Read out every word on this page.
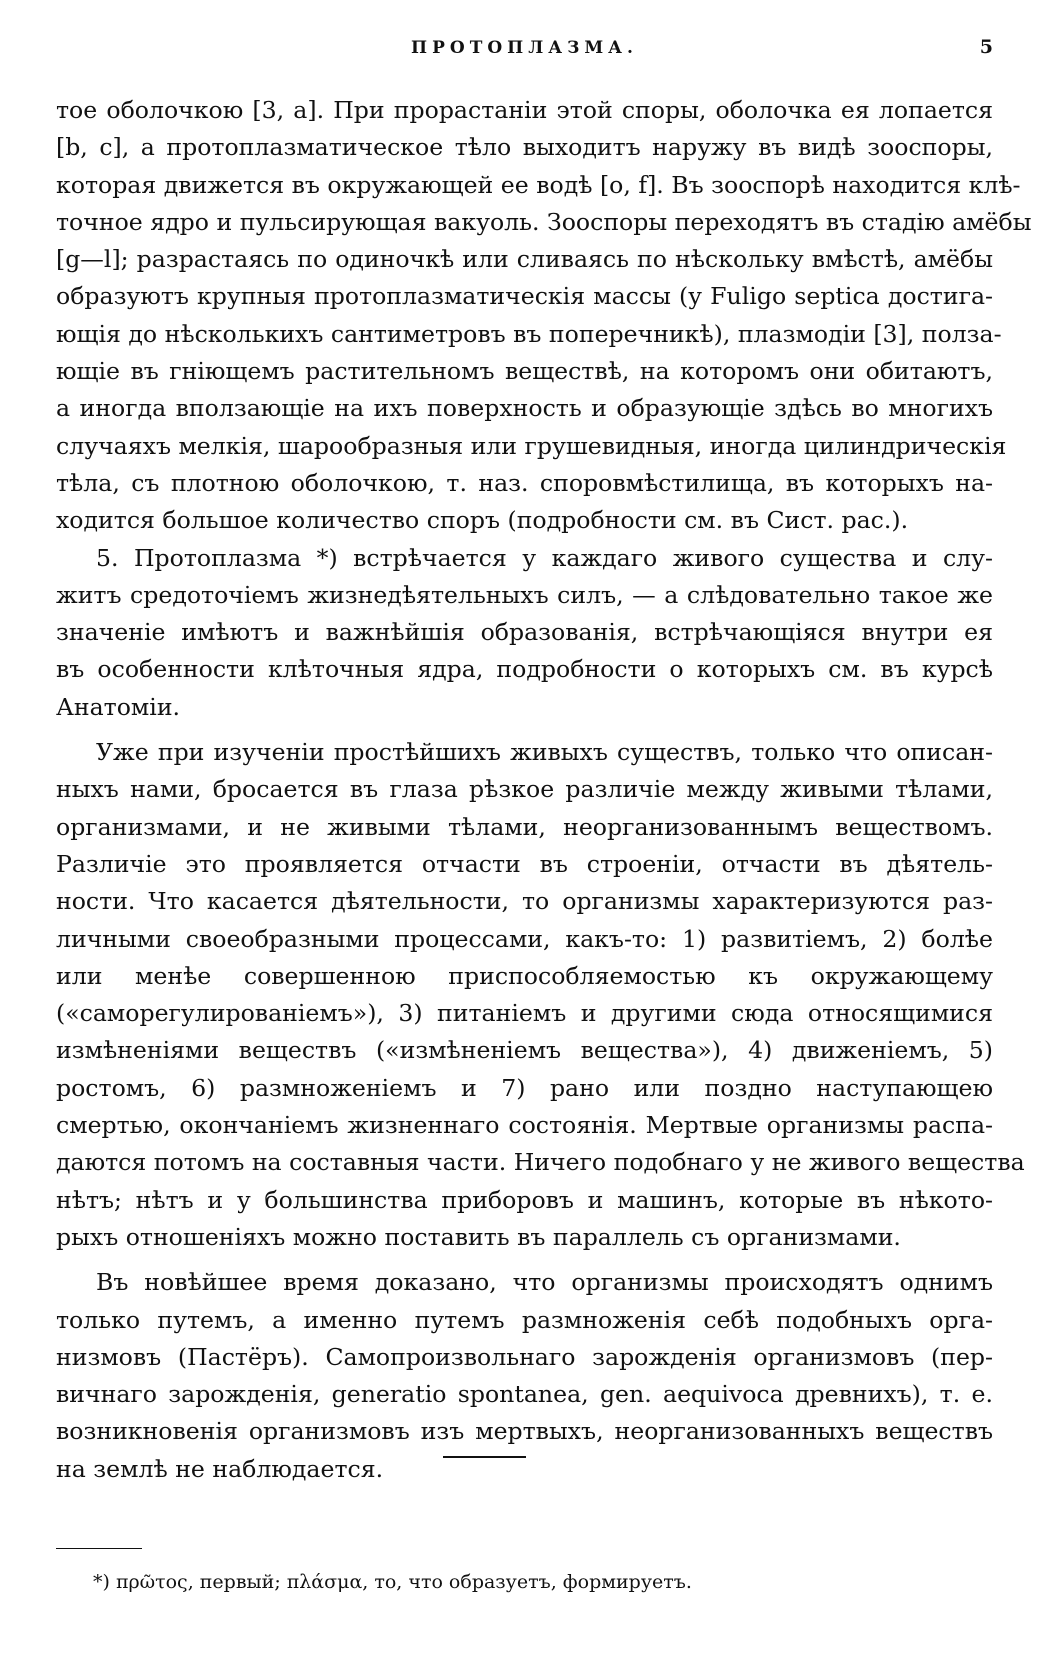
ПРОТОПЛАЗМА.	5
тое оболочкою [3, a]. При прорастаніи этой споры, оболочка ея лопается
[b, c], а протоплазматическое тѣло выходитъ наружу въ видѣ зооспоры,
которая движется въ окружающей ее водѣ [o, f]. Въ зооспорѣ находится клѣ-
точное ядро и пульсирующая вакуоль. Зооспоры переходятъ въ стадію амёбы
[g—l]; разрастаясь по одиночкѣ или сливаясь по нѣскольку вмѣстѣ, амёбы
образуютъ крупныя протоплазматическія массы (у Fuligo septica достига-
ющія до нѣсколькихъ сантиметровъ въ поперечникѣ), плазмодіи [3], ползa-
ющіе въ гніющемъ растительномъ веществѣ, на которомъ они обитаютъ,
а иногда вползающіе на ихъ поверхность и образующіе здѣсь во многихъ
случаяхъ мелкія, шарообразныя или грушевидныя, иногда цилиндрическія
тѣла, съ плотною оболочкою, т. наз. споровмѣстилища, въ которыхъ на-
ходится большое количество споръ (подробности см. въ Сист. рас.).
5. Протоплазма *) встрѣчается у каждаго живого существа и слу-
житъ средоточіемъ жизнедѣятельныхъ силъ, — а слѣдовательно такое же
значеніе имѣютъ и важнѣйшія образованія, встрѣчающіяся внутри ея
въ особенности клѣточныя ядра, подробности о которыхъ см. въ курсѣ
Анатоміи.
Уже при изученіи простѣйшихъ живыхъ существъ, только что описан-
ныхъ нами, бросается въ глаза рѣзкое различіе между живыми тѣлами,
организмами, и не живыми тѣлами, неорганизованнымъ веществомъ.
Различіе это проявляется отчасти въ строеніи, отчасти въ дѣятель-
ности. Что касается дѣятельности, то организмы характеризуются раз-
личными своеобразными процессами, какъ-то: 1) развитіемъ, 2) болѣе
или менѣе совершенною приспособляемостью къ окружающему
(«саморегулированіемъ»), 3) питаніемъ и другими сюда относящимися
измѣненіями веществъ («измѣненіемъ вещества»), 4) движеніемъ, 5)
ростомъ, 6) размноженіемъ и 7) рано или поздно наступающею
смертью, окончаніемъ жизненнаго состоянія. Мертвые организмы распа-
даются потомъ на составныя части. Ничего подобнаго у не живого вещества
нѣтъ; нѣтъ и у большинства приборовъ и машинъ, которые въ нѣкото-
рыхъ отношеніяхъ можно поставить въ параллель съ организмами.
Въ новѣйшее время доказано, что организмы происходятъ однимъ
только путемъ, а именно путемъ размноженія себѣ подобныхъ орга-
низмовъ (Пастёръ). Самопроизвольнаго зарожденія организмовъ (пер-
вичнаго зарожденія, generatio spontanea, gen. aequivoca древнихъ), т. е.
возникновенія организмовъ изъ мертвыхъ, неорганизованныхъ веществъ
на землѣ не наблюдается.
*) πρῶτος, первый; πλάσμα, то, что образуетъ, формируетъ.
